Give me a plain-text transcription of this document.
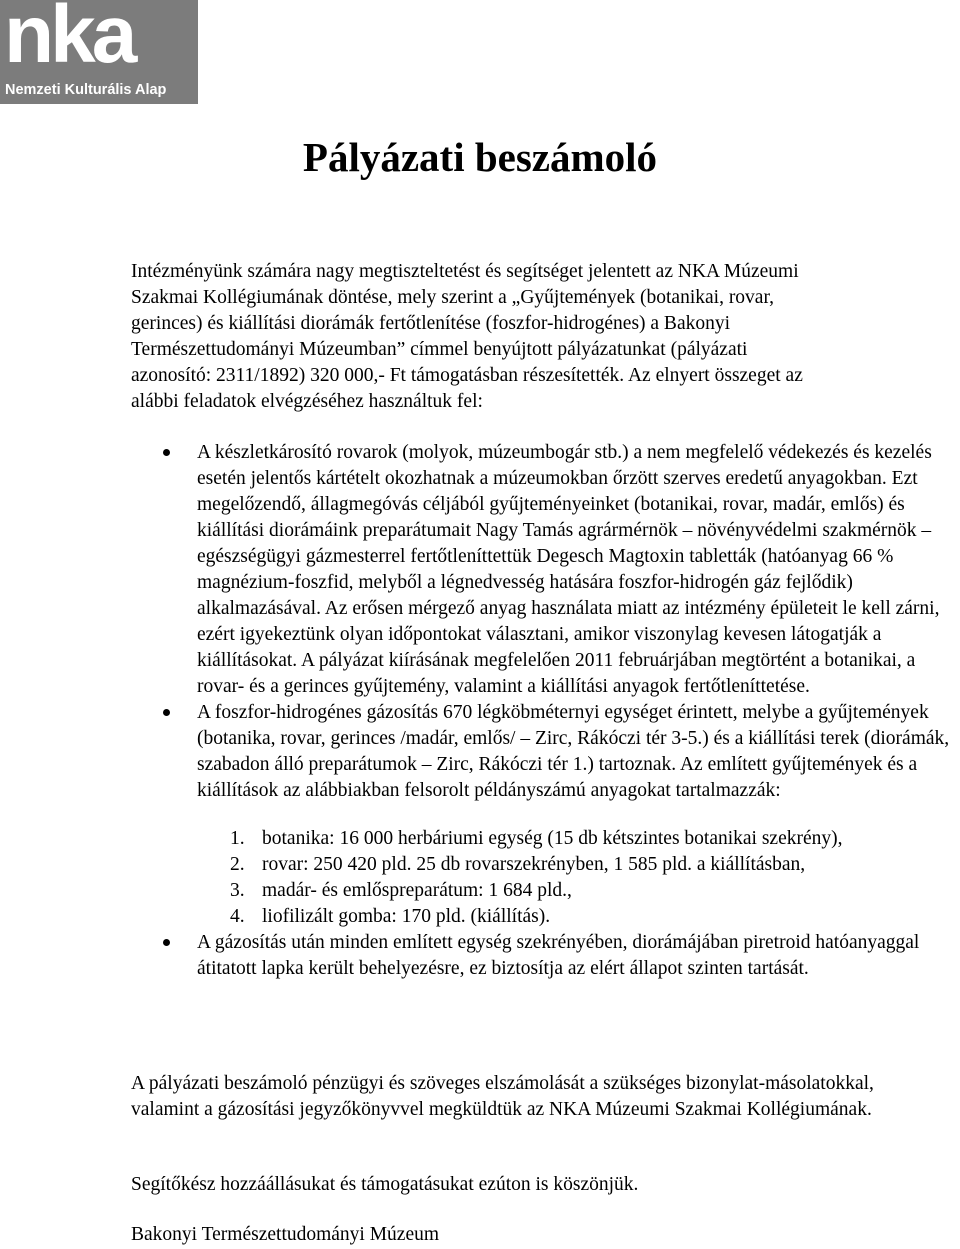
nka
Nemzeti Kulturális Alap
Pályázati beszámoló

Intézményünk számára nagy megtiszteltetést és segítséget jelentett az NKA Múzeumi Szakmai Kollégiumának döntése, mely szerint a „Gyűjtemények (botanikai, rovar, gerinces) és kiállítási diorámák fertőtlenítése (foszfor-hidrogénes) a Bakonyi Természettudományi Múzeumban” címmel benyújtott pályázatunkat (pályázati azonosító: 2311/1892) 320 000,- Ft támogatásban részesítették. Az elnyert összeget az alábbi feladatok elvégzéséhez használtuk fel:

A készletkárosító rovarok (molyok, múzeumbogár stb.) a nem megfelelő védekezés és kezelés esetén jelentős kártételt okozhatnak a múzeumokban őrzött szerves eredetű anyagokban. Ezt megelőzendő, állagmegóvás céljából gyűjteményeinket (botanikai, rovar, madár, emlős) és kiállítási diorámáink preparátumait Nagy Tamás agrármérnök – növényvédelmi szakmérnök – egészségügyi gázmesterrel fertőtleníttettük Degesch Magtoxin tabletták (hatóanyag 66 % magnézium-foszfid, melyből a légnedvesség hatására foszfor-hidrogén gáz fejlődik) alkalmazásával. Az erősen mérgező anyag használata miatt az intézmény épületeit le kell zárni, ezért igyekeztünk olyan időpontokat választani, amikor viszonylag kevesen látogatják a kiállításokat. A pályázat kiírásának megfelelően 2011 februárjában megtörtént a botanikai, a rovar- és a gerinces gyűjtemény, valamint a kiállítási anyagok fertőtleníttetése.
A foszfor-hidrogénes gázosítás 670 légköbméternyi egységet érintett, melybe a gyűjtemények (botanika, rovar, gerinces /madár, emlős/ – Zirc, Rákóczi tér 3-5.) és a kiállítási terek (diorámák, szabadon álló preparátumok – Zirc, Rákóczi tér 1.) tartoznak. Az említett gyűjtemények és a kiállítások az alábbiakban felsorolt példányszámú anyagokat tartalmazzák:
1. botanika: 16 000 herbáriumi egység (15 db kétszintes botanikai szekrény),
2. rovar: 250 420 pld. 25 db rovarszekrényben, 1 585 pld. a kiállításban,
3. madár- és emlőspreparátum: 1 684 pld.,
4. liofilizált gomba: 170 pld. (kiállítás).
A gázosítás után minden említett egység szekrényében, diorámájában piretroid hatóanyaggal átitatott lapka került behelyezésre, ez biztosítja az elért állapot szinten tartását.

A pályázati beszámoló pénzügyi és szöveges elszámolását a szükséges bizonylat-másolatokkal, valamint a gázosítási jegyzőkönyvvel megküldtük az NKA Múzeumi Szakmai Kollégiumának.

Segítőkész hozzáállásukat és támogatásukat ezúton is köszönjük.

Bakonyi Természettudományi Múzeum
